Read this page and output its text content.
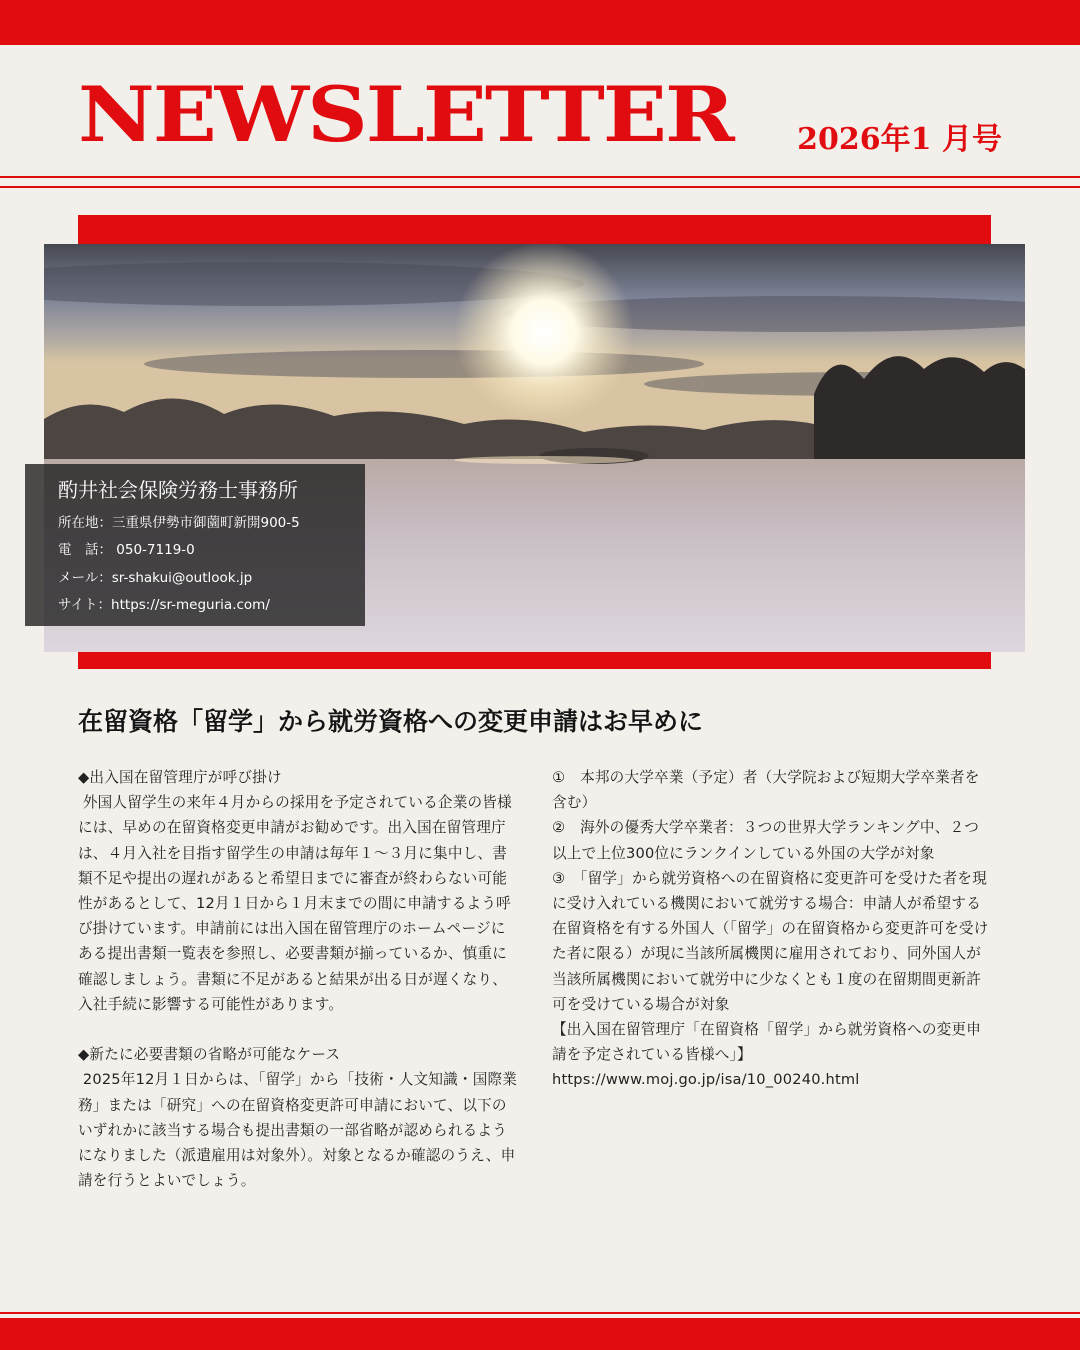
NEWSLETTER 2026年1 月号
酌井社会保険労務士事務所
所在地：三重県伊勢市御薗町新開900-5
電　話： 050-7119-0
メール：sr-shakui@outlook.jp
サイト：https://sr-meguria.com/
在留資格「留学」から就労資格への変更申請はお早めに

◆出入国在留管理庁が呼び掛け

外国人留学生の来年４月からの採用を予定されている企業の皆様には、早めの在留資格変更申請がお勧めです。出入国在留管理庁は、４月入社を目指す留学生の申請は毎年１～３月に集中し、書類不足や提出の遅れがあると希望日までに審査が終わらない可能性があるとして、12月１日から１月末までの間に申請するよう呼び掛けています。申請前には出入国在留管理庁のホームページにある提出書類一覧表を参照し、必要書類が揃っているか、慎重に確認しましょう。書類に不足があると結果が出る日が遅くなり、入社手続に影響する可能性があります。

◆新たに必要書類の省略が可能なケース

2025年12月１日からは、「留学」から「技術・人文知識・国際業務」または「研究」への在留資格変更許可申請において、以下のいずれかに該当する場合も提出書類の一部省略が認められるようになりました（派遣雇用は対象外）。対象となるか確認のうえ、申請を行うとよいでしょう。

①　本邦の大学卒業（予定）者（大学院および短期大学卒業者を含む）

②　海外の優秀大学卒業者：３つの世界大学ランキング中、２つ以上で上位300位にランクインしている外国の大学が対象

③　「留学」から就労資格への在留資格に変更許可を受けた者を現に受け入れている機関において就労する場合：申請人が希望する在留資格を有する外国人（「留学」の在留資格から変更許可を受けた者に限る）が現に当該所属機関に雇用されており、同外国人が当該所属機関において就労中に少なくとも１度の在留期間更新許可を受けている場合が対象

【出入国在留管理庁「在留資格「留学」から就労資格への変更申請を予定されている皆様へ」】

https://www.moj.go.jp/isa/10_00240.html
